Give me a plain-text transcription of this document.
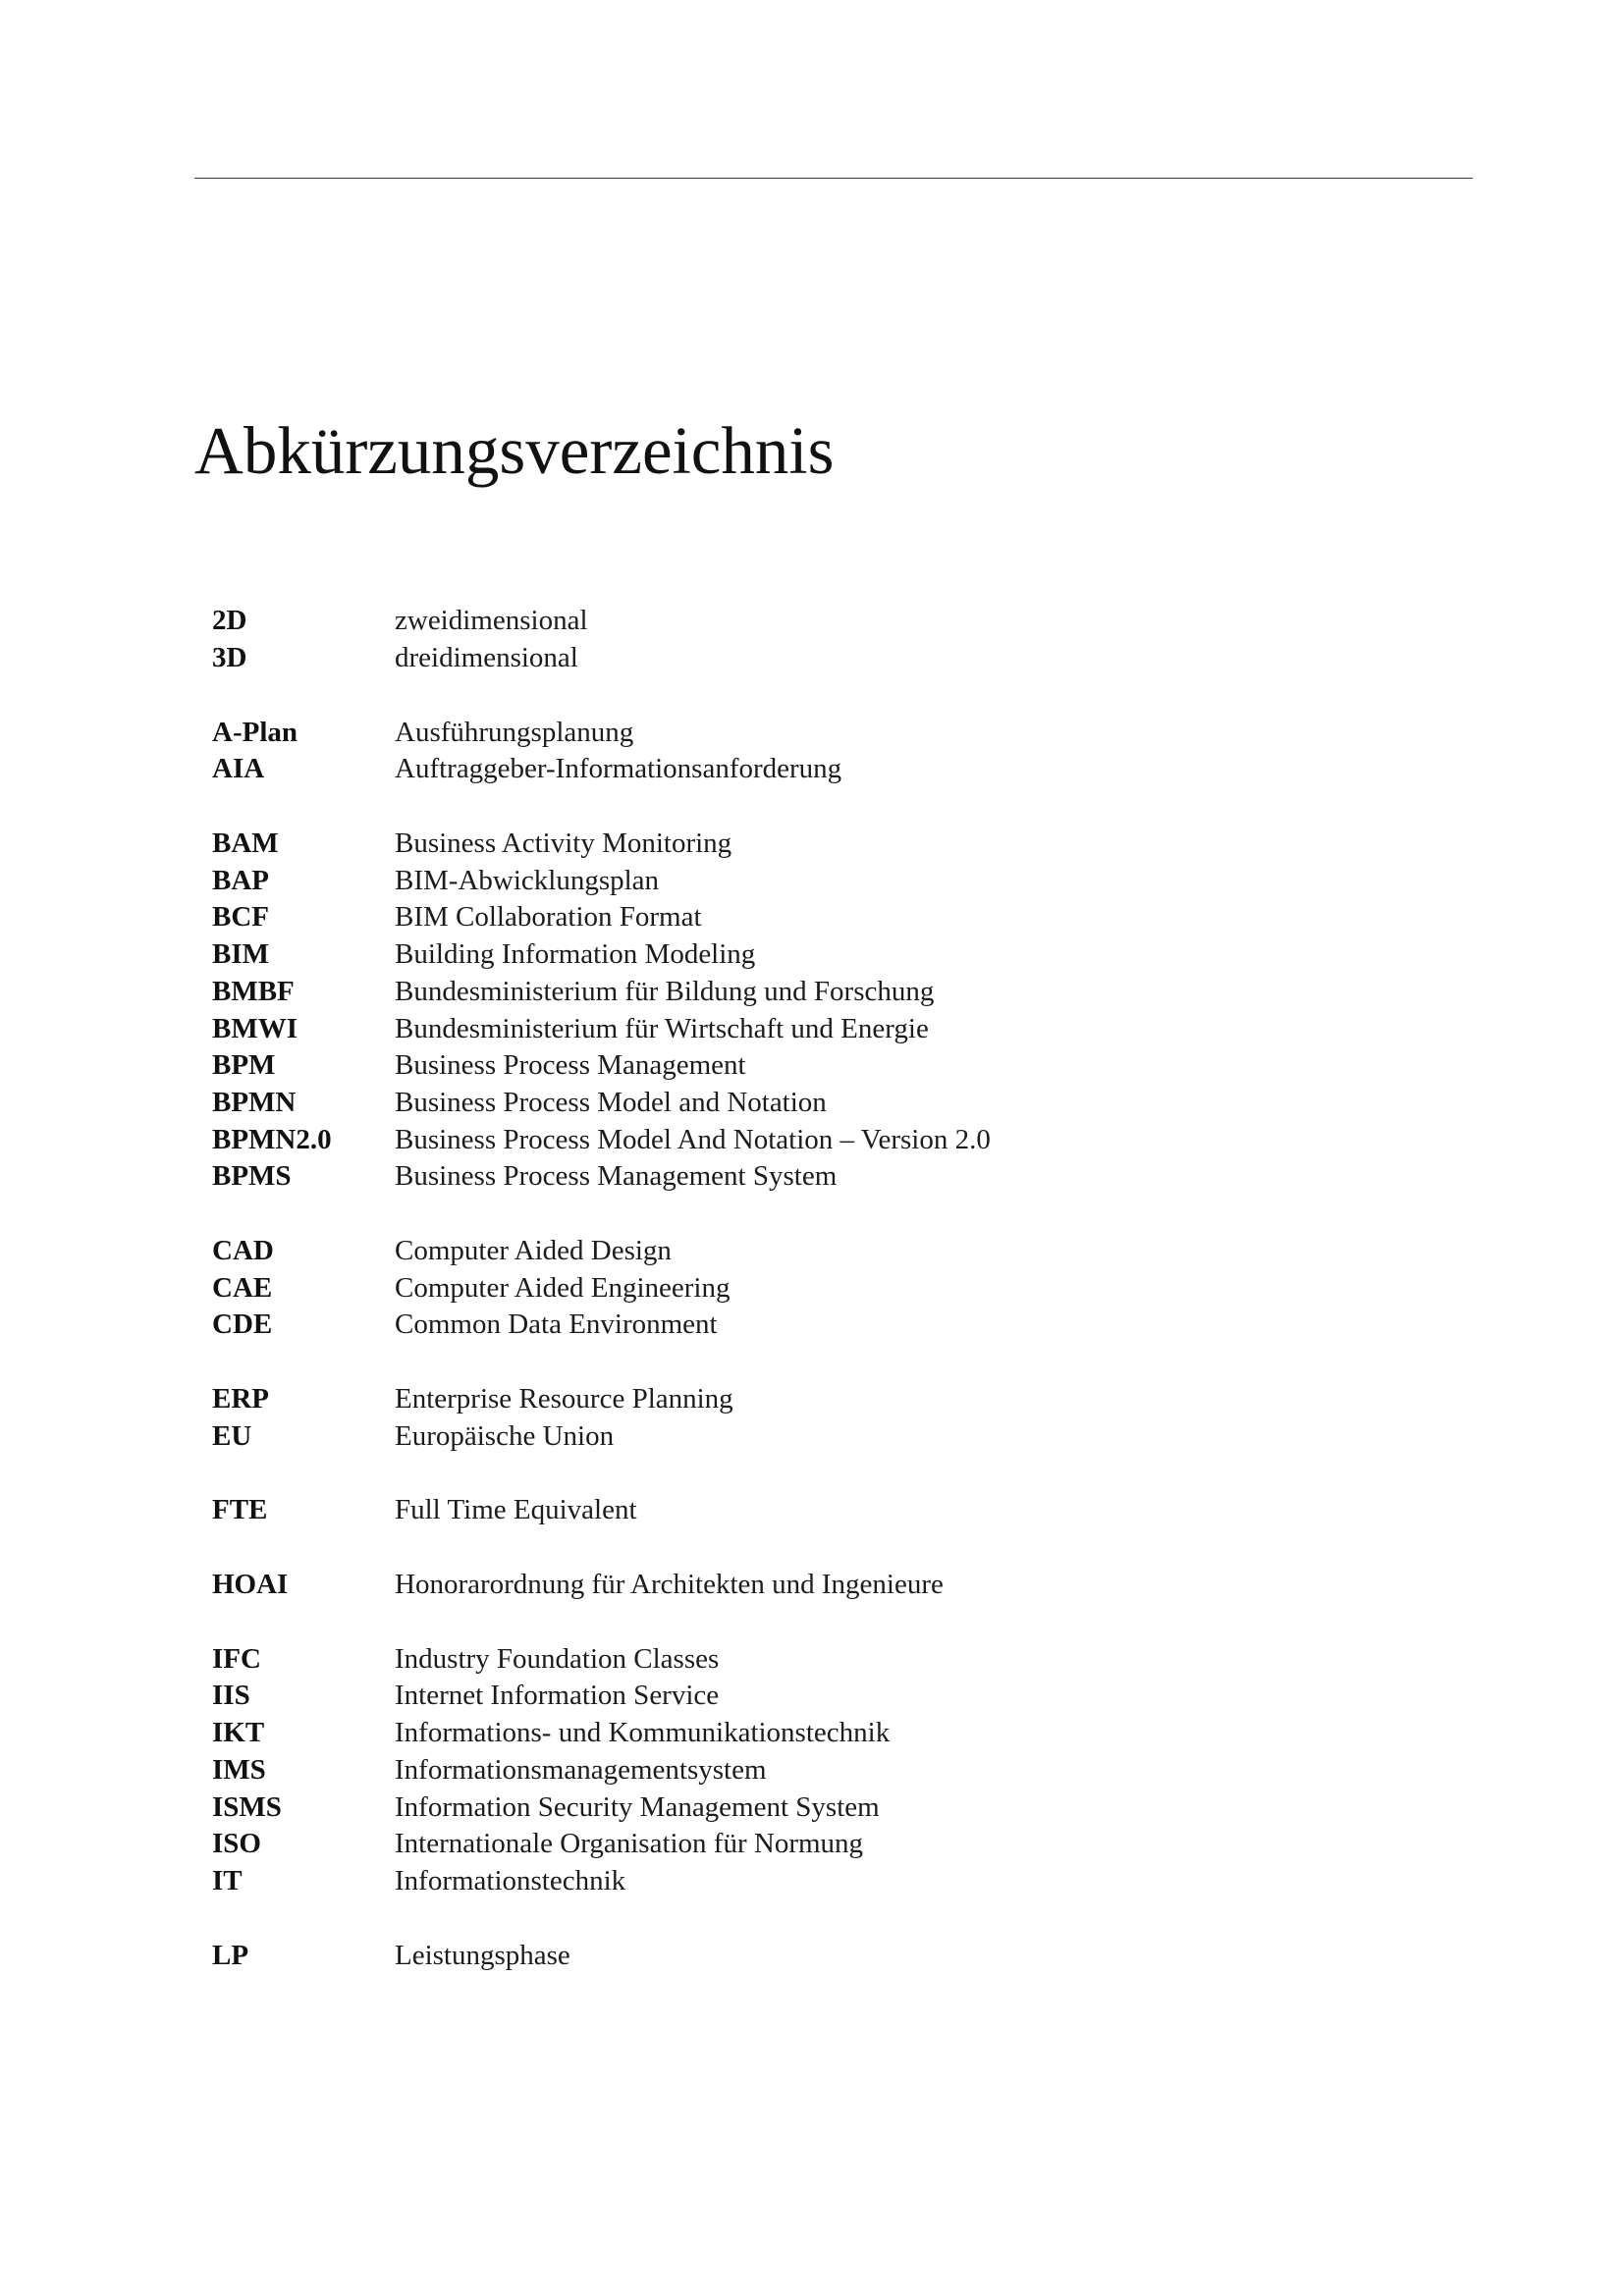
Abkürzungsverzeichnis
2D	zweidimensional
3D	dreidimensional
A-Plan	Ausführungsplanung
AIA	Auftraggeber-Informationsanforderung
BAM	Business Activity Monitoring
BAP	BIM-Abwicklungsplan
BCF	BIM Collaboration Format
BIM	Building Information Modeling
BMBF	Bundesministerium für Bildung und Forschung
BMWI	Bundesministerium für Wirtschaft und Energie
BPM	Business Process Management
BPMN	Business Process Model and Notation
BPMN2.0	Business Process Model And Notation – Version 2.0
BPMS	Business Process Management System
CAD	Computer Aided Design
CAE	Computer Aided Engineering
CDE	Common Data Environment
ERP	Enterprise Resource Planning
EU	Europäische Union
FTE	Full Time Equivalent
HOAI	Honorarordnung für Architekten und Ingenieure
IFC	Industry Foundation Classes
IIS	Internet Information Service
IKT	Informations- und Kommunikationstechnik
IMS	Informationsmanagementsystem
ISMS	Information Security Management System
ISO	Internationale Organisation für Normung
IT	Informationstechnik
LP	Leistungsphase
